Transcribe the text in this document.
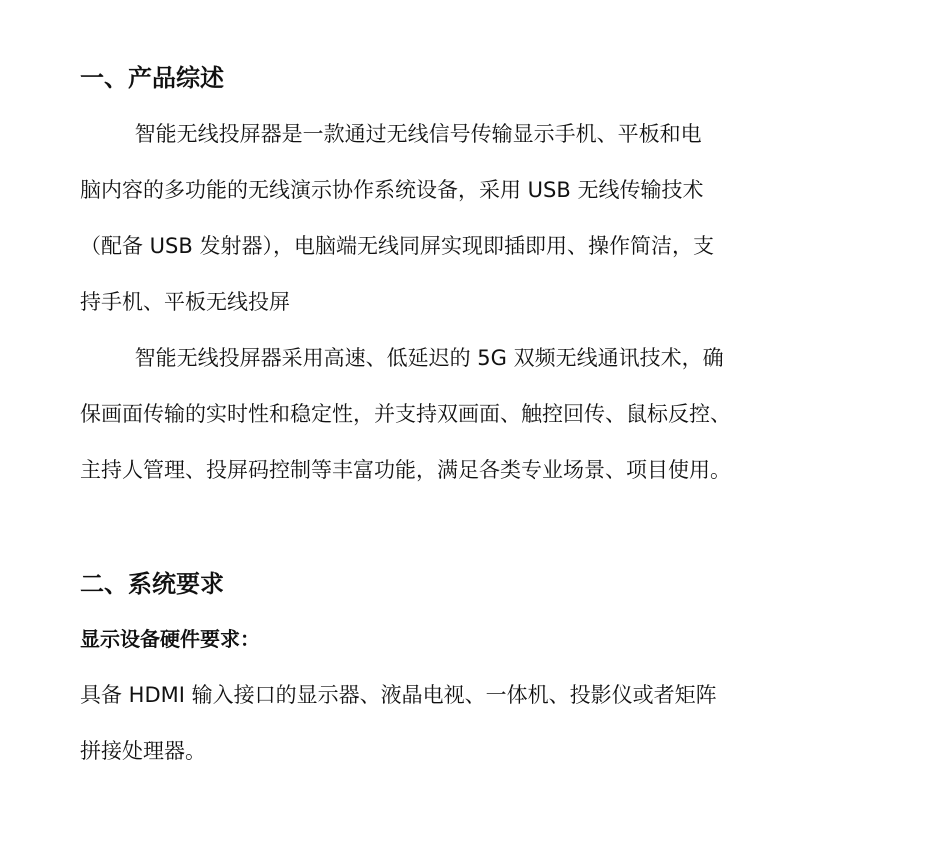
一、产品综述
智能无线投屏器是一款通过无线信号传输显示手机、平板和电
脑内容的多功能的无线演示协作系统设备，采用 USB 无线传输技术
（配备 USB 发射器），电脑端无线同屏实现即插即用、操作简洁，支
持手机、平板无线投屏
智能无线投屏器采用高速、低延迟的 5G 双频无线通讯技术，确
保画面传输的实时性和稳定性，并支持双画面、触控回传、鼠标反控、
主持人管理、投屏码控制等丰富功能，满足各类专业场景、项目使用。
二、系统要求
显示设备硬件要求：
具备 HDMI 输入接口的显示器、液晶电视、一体机、投影仪或者矩阵
拼接处理器。
